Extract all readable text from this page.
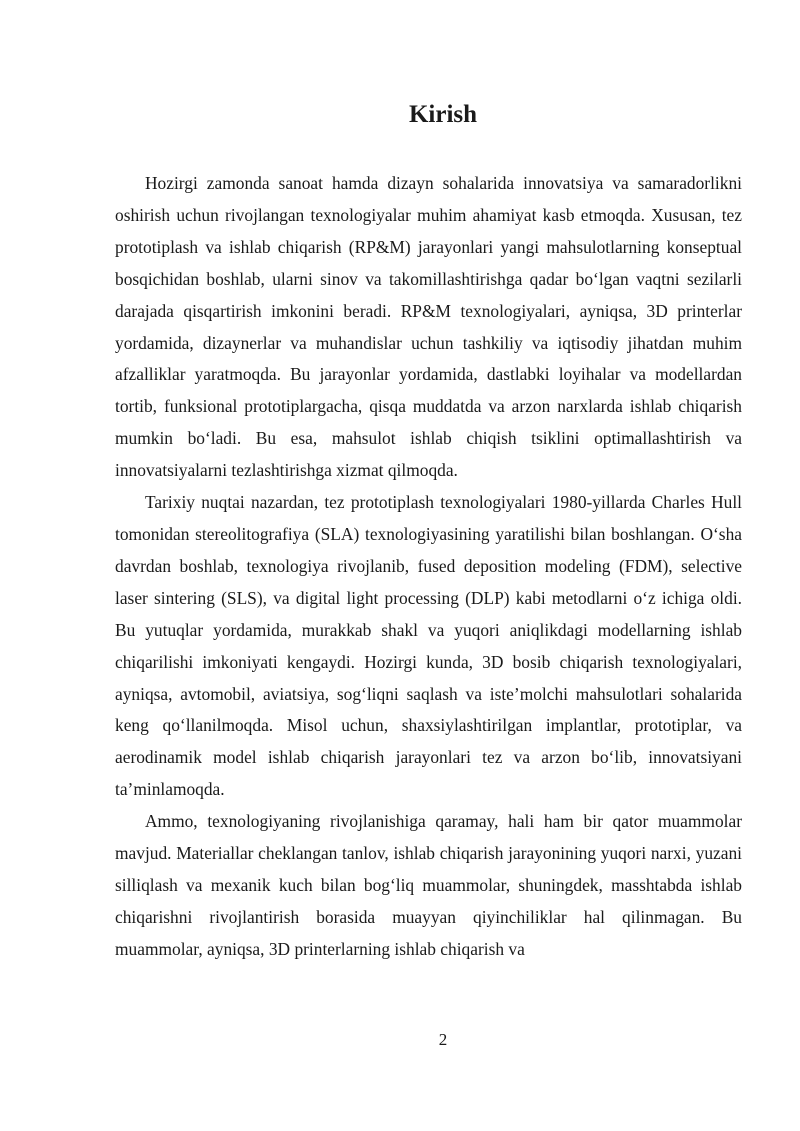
Kirish

Hozirgi zamonda sanoat hamda dizayn sohalarida innovatsiya va samaradorlikni oshirish uchun rivojlangan texnologiyalar muhim ahamiyat kasb etmoqda. Xususan, tez prototiplash va ishlab chiqarish (RP&M) jarayonlari yangi mahsulotlarning konseptual bosqichidan boshlab, ularni sinov va takomillashtirishga qadar bo‘lgan vaqtni sezilarli darajada qisqartirish imkonini beradi. RP&M texnologiyalari, ayniqsa, 3D printerlar yordamida, dizaynerlar va muhandislar uchun tashkiliy va iqtisodiy jihatdan muhim afzalliklar yaratmoqda. Bu jarayonlar yordamida, dastlabki loyihalar va modellardan tortib, funksional prototiplargacha, qisqa muddatda va arzon narxlarda ishlab chiqarish mumkin bo‘ladi. Bu esa, mahsulot ishlab chiqish tsiklini optimallashtirish va innovatsiyalarni tezlashtirishga xizmat qilmoqda.

Tarixiy nuqtai nazardan, tez prototiplash texnologiyalari 1980-yillarda Charles Hull tomonidan stereolitografiya (SLA) texnologiyasining yaratilishi bilan boshlangan. O‘sha davrdan boshlab, texnologiya rivojlanib, fused deposition modeling (FDM), selective laser sintering (SLS), va digital light processing (DLP) kabi metodlarni o‘z ichiga oldi. Bu yutuqlar yordamida, murakkab shakl va yuqori aniqlikdagi modellarning ishlab chiqarilishi imkoniyati kengaydi. Hozirgi kunda, 3D bosib chiqarish texnologiyalari, ayniqsa, avtomobil, aviatsiya, sog‘liqni saqlash va iste’molchi mahsulotlari sohalarida keng qo‘llanilmoqda. Misol uchun, shaxsiylashtirilgan implantlar, prototiplar, va aerodinamik model ishlab chiqarish jarayonlari tez va arzon bo‘lib, innovatsiyani ta’minlamoqda.

Ammo, texnologiyaning rivojlanishiga qaramay, hali ham bir qator muammolar mavjud. Materiallar cheklangan tanlov, ishlab chiqarish jarayonining yuqori narxi, yuzani silliqlash va mexanik kuch bilan bog‘liq muammolar, shuningdek, masshtabda ishlab chiqarishni rivojlantirish borasida muayyan qiyinchiliklar hal qilinmagan. Bu muammolar, ayniqsa, 3D printerlarning ishlab chiqarish va

2
